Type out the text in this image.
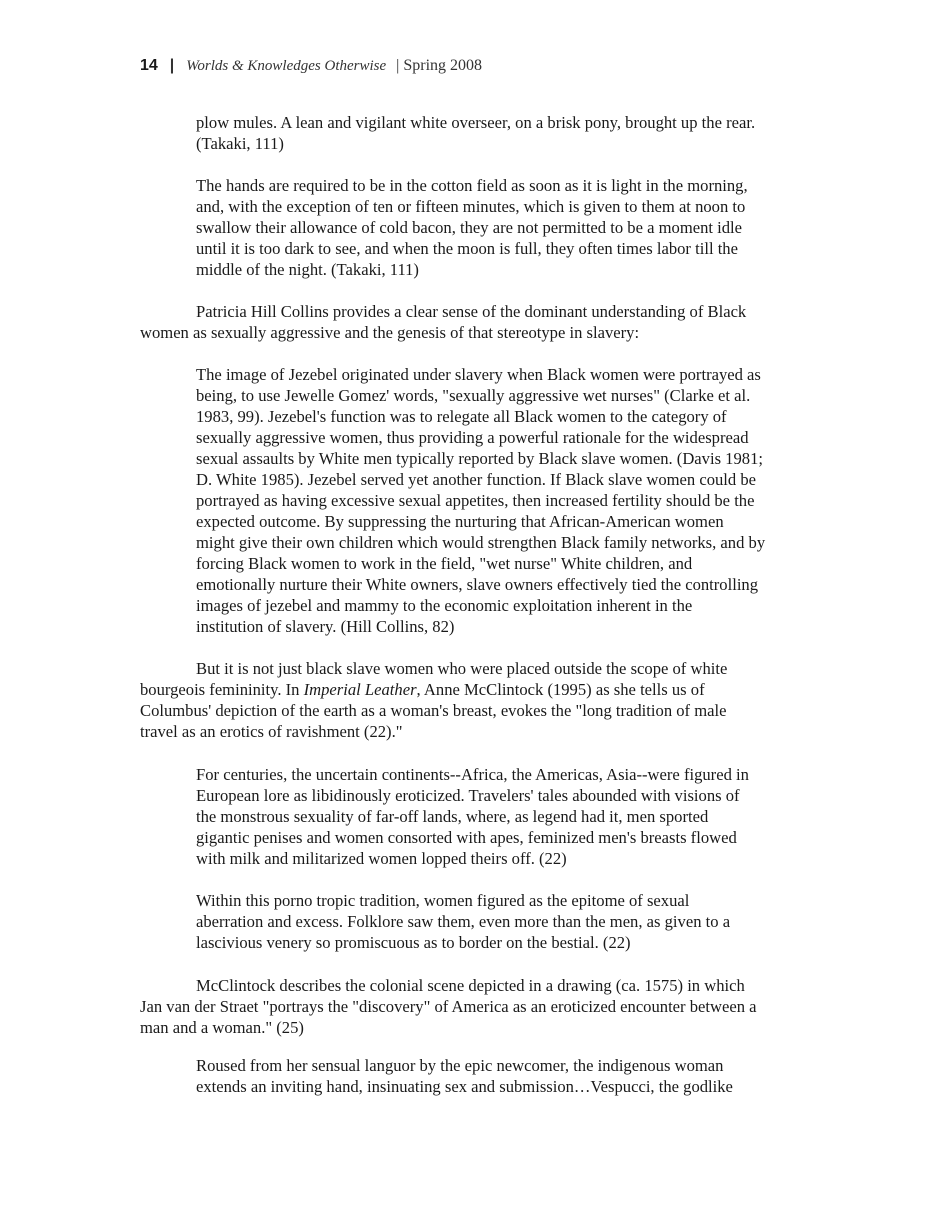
14 | Worlds & Knowledges Otherwise | Spring 2008
plow mules. A lean and vigilant white overseer, on a brisk pony, brought up the rear.
(Takaki, 111)
The hands are required to be in the cotton field as soon as it is light in the morning,
and, with the exception of ten or fifteen minutes, which is given to them at noon to
swallow their allowance of cold bacon, they are not permitted to be a moment idle
until it is too dark to see, and when the moon is full, they often times labor till the
middle of the night. (Takaki, 111)
Patricia Hill Collins provides a clear sense of the dominant understanding of Black
women as sexually aggressive and the genesis of that stereotype in slavery:
The image of Jezebel originated under slavery when Black women were portrayed as
being, to use Jewelle Gomez' words, "sexually aggressive wet nurses" (Clarke et al.
1983, 99). Jezebel's function was to relegate all Black women to the category of
sexually aggressive women, thus providing a powerful rationale for the widespread
sexual assaults by White men typically reported by Black slave women. (Davis 1981;
D. White 1985). Jezebel served yet another function. If Black slave women could be
portrayed as having excessive sexual appetites, then increased fertility should be the
expected outcome. By suppressing the nurturing that African-American women
might give their own children which would strengthen Black family networks, and by
forcing Black women to work in the field, "wet nurse" White children, and
emotionally nurture their White owners, slave owners effectively tied the controlling
images of jezebel and mammy to the economic exploitation inherent in the
institution of slavery. (Hill Collins, 82)
But it is not just black slave women who were placed outside the scope of white
bourgeois femininity. In Imperial Leather, Anne McClintock (1995) as she tells us of
Columbus' depiction of the earth as a woman's breast, evokes the "long tradition of male
travel as an erotics of ravishment (22)."
For centuries, the uncertain continents--Africa, the Americas, Asia--were figured in
European lore as libidinously eroticized. Travelers' tales abounded with visions of
the monstrous sexuality of far-off lands, where, as legend had it, men sported
gigantic penises and women consorted with apes, feminized men's breasts flowed
with milk and militarized women lopped theirs off. (22)
Within this porno tropic tradition, women figured as the epitome of sexual
aberration and excess. Folklore saw them, even more than the men, as given to a
lascivious venery so promiscuous as to border on the bestial. (22)
McClintock describes the colonial scene depicted in a drawing (ca. 1575) in which
Jan van der Straet "portrays the "discovery" of America as an eroticized encounter between a
man and a woman." (25)
Roused from her sensual languor by the epic newcomer, the indigenous woman
extends an inviting hand, insinuating sex and submission…Vespucci, the godlike
